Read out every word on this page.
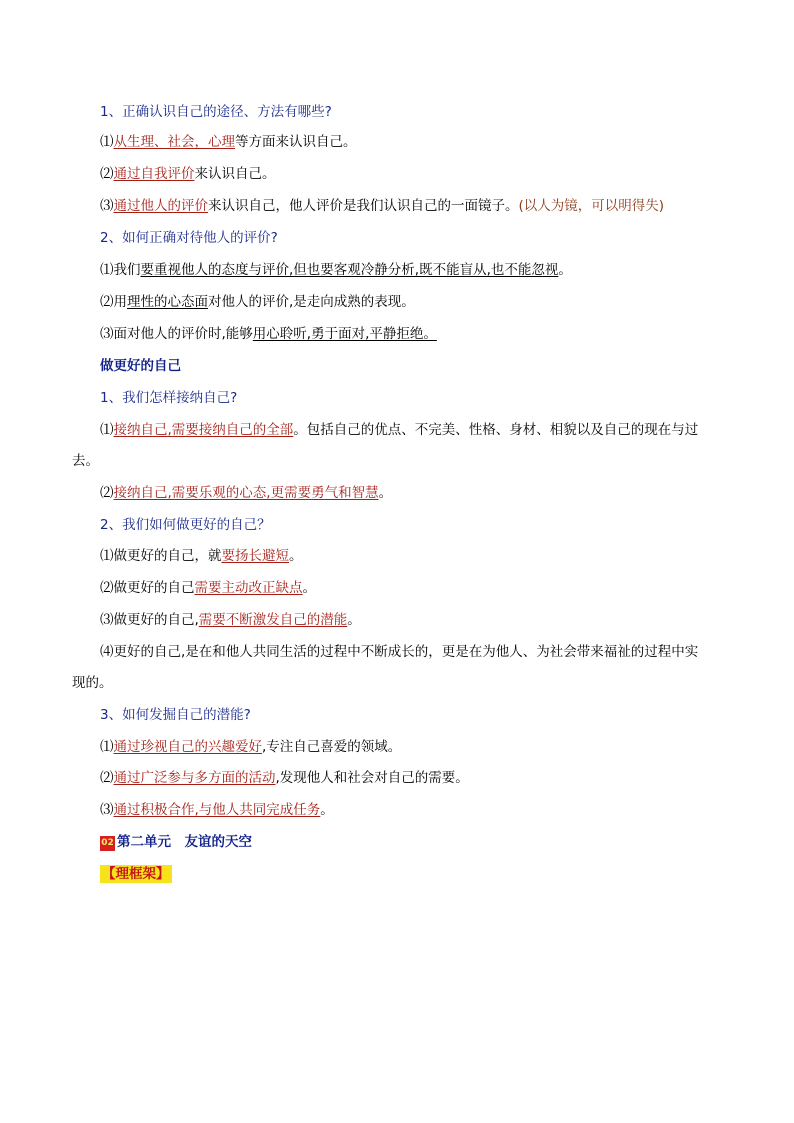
1、正确认识自己的途径、方法有哪些?
⑴从生理、社会，心理等方面来认识自己。
⑵通过自我评价来认识自己。
⑶通过他人的评价来认识自己，他人评价是我们认识自己的一面镜子。(以人为镜，可以明得失)
2、如何正确对待他人的评价?
⑴我们要重视他人的态度与评价,但也要客观冷静分析,既不能盲从,也不能忽视。
⑵用理性的心态面对他人的评价,是走向成熟的表现。
⑶面对他人的评价时,能够用心聆听,勇于面对,平静拒绝。
做更好的自己
1、我们怎样接纳自己?
⑴接纳自己,需要接纳自己的全部。包括自己的优点、不完美、性格、身材、相貌以及自己的现在与过
去。
⑵接纳自己,需要乐观的心态,更需要勇气和智慧。
2、我们如何做更好的自己？
⑴做更好的自己，就要扬长避短。
⑵做更好的自己需要主动改正缺点。
⑶做更好的自己,需要不断激发自己的潜能。
⑷更好的自己,是在和他人共同生活的过程中不断成长的，更是在为他人、为社会带来福祉的过程中实
现的。
3、如何发掘自己的潜能?
⑴通过珍视自己的兴趣爱好,专注自己喜爱的领域。
⑵通过广泛参与多方面的活动,发现他人和社会对自己的需要。
⑶通过积极合作,与他人共同完成任务。
02 第二单元　友谊的天空
【理框架】
